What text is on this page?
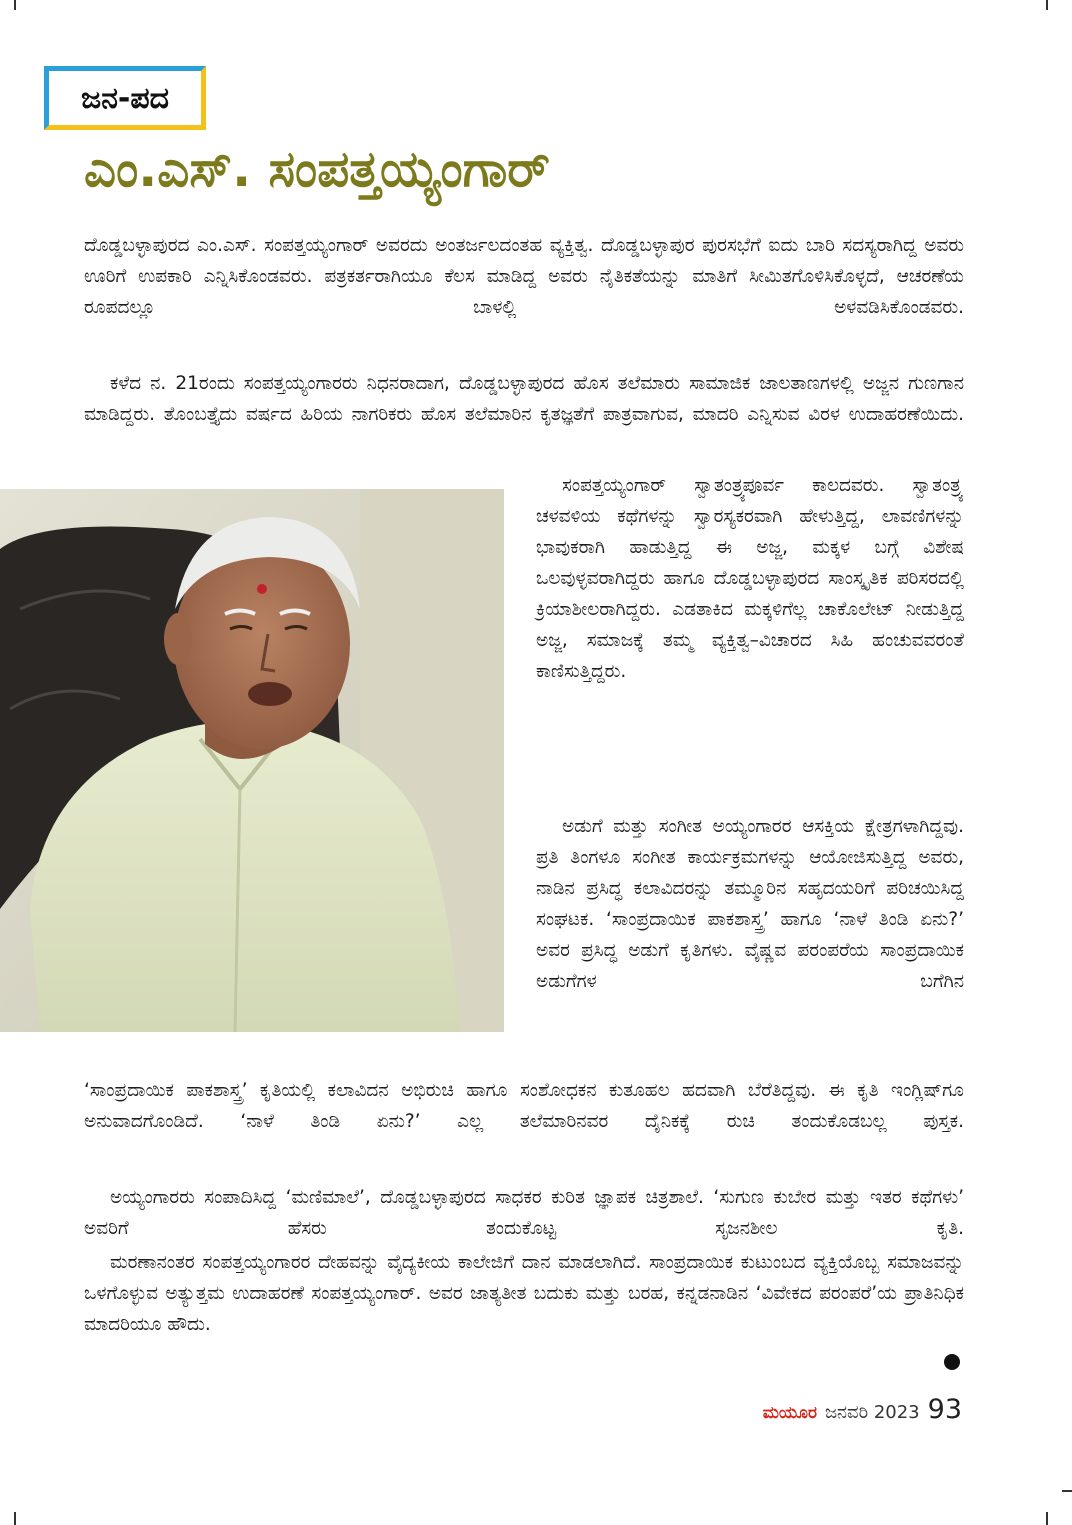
ಜನ-ಪದ
ಎಂ.ಎಸ್. ಸಂಪತ್ತಯ್ಯಂಗಾರ್

ದೊಡ್ಡಬಳ್ಳಾಪುರದ ಎಂ.ಎಸ್. ಸಂಪತ್ತಯ್ಯಂಗಾರ್ ಅವರದು ಅಂತರ್ಜಲದಂತಹ ವ್ಯಕ್ತಿತ್ವ. ದೊಡ್ಡಬಳ್ಳಾಪುರ ಪುರಸಭೆಗೆ ಐದು ಬಾರಿ ಸದಸ್ಯರಾಗಿದ್ದ ಅವರು ಊರಿಗೆ ಉಪಕಾರಿ ಎನ್ನಿಸಿಕೊಂಡವರು. ಪತ್ರಕರ್ತರಾಗಿಯೂ ಕೆಲಸ ಮಾಡಿದ್ದ ಅವರು ನೈತಿಕತೆಯನ್ನು ಮಾತಿಗೆ ಸೀಮಿತಗೊಳಿಸಿಕೊಳ್ಳದೆ, ಆಚರಣೆಯ ರೂಪದಲ್ಲೂ ಬಾಳಲ್ಲಿ ಅಳವಡಿಸಿಕೊಂಡವರು.

ಕಳೆದ ನ. 21ರಂದು ಸಂಪತ್ತಯ್ಯಂಗಾರರು ನಿಧನರಾದಾಗ, ದೊಡ್ಡಬಳ್ಳಾಪುರದ ಹೊಸ ತಲೆಮಾರು ಸಾಮಾಜಿಕ ಜಾಲತಾಣಗಳಲ್ಲಿ ಅಜ್ಜನ ಗುಣಗಾನ ಮಾಡಿದ್ದರು. ತೊಂಬತ್ತೈದು ವರ್ಷದ ಹಿರಿಯ ನಾಗರಿಕರು ಹೊಸ ತಲೆಮಾರಿನ ಕೃತಜ್ಞತೆಗೆ ಪಾತ್ರವಾಗುವ, ಮಾದರಿ ಎನ್ನಿಸುವ ವಿರಳ ಉದಾಹರಣೆಯಿದು.

ಸಂಪತ್ತಯ್ಯಂಗಾರ್ ಸ್ವಾತಂತ್ರ್ಯಪೂರ್ವ ಕಾಲದವರು. ಸ್ವಾತಂತ್ರ್ಯ ಚಳವಳಿಯ ಕಥೆಗಳನ್ನು ಸ್ವಾರಸ್ಯಕರವಾಗಿ ಹೇಳುತ್ತಿದ್ದ, ಲಾವಣಿಗಳನ್ನು ಭಾವುಕರಾಗಿ ಹಾಡುತ್ತಿದ್ದ ಈ ಅಜ್ಜ, ಮಕ್ಕಳ ಬಗ್ಗೆ ವಿಶೇಷ ಒಲವುಳ್ಳವರಾಗಿದ್ದರು ಹಾಗೂ ದೊಡ್ಡಬಳ್ಳಾಪುರದ ಸಾಂಸ್ಕೃತಿಕ ಪರಿಸರದಲ್ಲಿ ಕ್ರಿಯಾಶೀಲರಾಗಿದ್ದರು. ಎಡತಾಕಿದ ಮಕ್ಕಳಿಗೆಲ್ಲ ಚಾಕೊಲೇಟ್ ನೀಡುತ್ತಿದ್ದ ಅಜ್ಜ, ಸಮಾಜಕ್ಕೆ ತಮ್ಮ ವ್ಯಕ್ತಿತ್ವ–ವಿಚಾರದ ಸಿಹಿ ಹಂಚುವವರಂತೆ ಕಾಣಿಸುತ್ತಿದ್ದರು.

ಅಡುಗೆ ಮತ್ತು ಸಂಗೀತ ಅಯ್ಯಂಗಾರರ ಆಸಕ್ತಿಯ ಕ್ಷೇತ್ರಗಳಾಗಿದ್ದವು. ಪ್ರತಿ ತಿಂಗಳೂ ಸಂಗೀತ ಕಾರ್ಯಕ್ರಮಗಳನ್ನು ಆಯೋಜಿಸುತ್ತಿದ್ದ ಅವರು, ನಾಡಿನ ಪ್ರಸಿದ್ಧ ಕಲಾವಿದರನ್ನು ತಮ್ಮೂರಿನ ಸಹೃದಯರಿಗೆ ಪರಿಚಯಿಸಿದ್ದ ಸಂಘಟಕ. ‘ಸಾಂಪ್ರದಾಯಿಕ ಪಾಕಶಾಸ್ತ್ರ’ ಹಾಗೂ ‘ನಾಳೆ ತಿಂಡಿ ಏನು?’ ಅವರ ಪ್ರಸಿದ್ಧ ಅಡುಗೆ ಕೃತಿಗಳು. ವೈಷ್ಣವ ಪರಂಪರೆಯ ಸಾಂಪ್ರದಾಯಿಕ ಅಡುಗೆಗಳ ಬಗೆಗಿನ

‘ಸಾಂಪ್ರದಾಯಿಕ ಪಾಕಶಾಸ್ತ್ರ’ ಕೃತಿಯಲ್ಲಿ ಕಲಾವಿದನ ಅಭಿರುಚಿ ಹಾಗೂ ಸಂಶೋಧಕನ ಕುತೂಹಲ ಹದವಾಗಿ ಬೆರೆತಿದ್ದವು. ಈ ಕೃತಿ ಇಂಗ್ಲಿಷ್‌ಗೂ ಅನುವಾದಗೊಂಡಿದೆ. ‘ನಾಳೆ ತಿಂಡಿ ಏನು?’ ಎಲ್ಲ ತಲೆಮಾರಿನವರ ದೈನಿಕಕ್ಕೆ ರುಚಿ ತಂದುಕೊಡಬಲ್ಲ ಪುಸ್ತಕ.

ಅಯ್ಯಂಗಾರರು ಸಂಪಾದಿಸಿದ್ದ ‘ಮಣಿಮಾಲೆ’, ದೊಡ್ಡಬಳ್ಳಾಪುರದ ಸಾಧಕರ ಕುರಿತ ಜ್ಞಾಪಕ ಚಿತ್ರಶಾಲೆ. ‘ಸುಗುಣ ಕುಬೇರ ಮತ್ತು ಇತರ ಕಥೆಗಳು’ ಅವರಿಗೆ ಹೆಸರು ತಂದುಕೊಟ್ಟ ಸೃಜನಶೀಲ ಕೃತಿ.

ಮರಣಾನಂತರ ಸಂಪತ್ತಯ್ಯಂಗಾರರ ದೇಹವನ್ನು ವೈದ್ಯಕೀಯ ಕಾಲೇಜಿಗೆ ದಾನ ಮಾಡಲಾಗಿದೆ. ಸಾಂಪ್ರದಾಯಿಕ ಕುಟುಂಬದ ವ್ಯಕ್ತಿಯೊಬ್ಬ ಸಮಾಜವನ್ನು ಒಳಗೊಳ್ಳುವ ಅತ್ಯುತ್ತಮ ಉದಾಹರಣೆ ಸಂಪತ್ತಯ್ಯಂಗಾರ್. ಅವರ ಜಾತ್ಯತೀತ ಬದುಕು ಮತ್ತು ಬರಹ, ಕನ್ನಡನಾಡಿನ ‘ವಿವೇಕದ ಪರಂಪರೆ’ಯ ಪ್ರಾತಿನಿಧಿಕ ಮಾದರಿಯೂ ಹೌದು.

ಮಯೂರ ಜನವರಿ 2023 93
